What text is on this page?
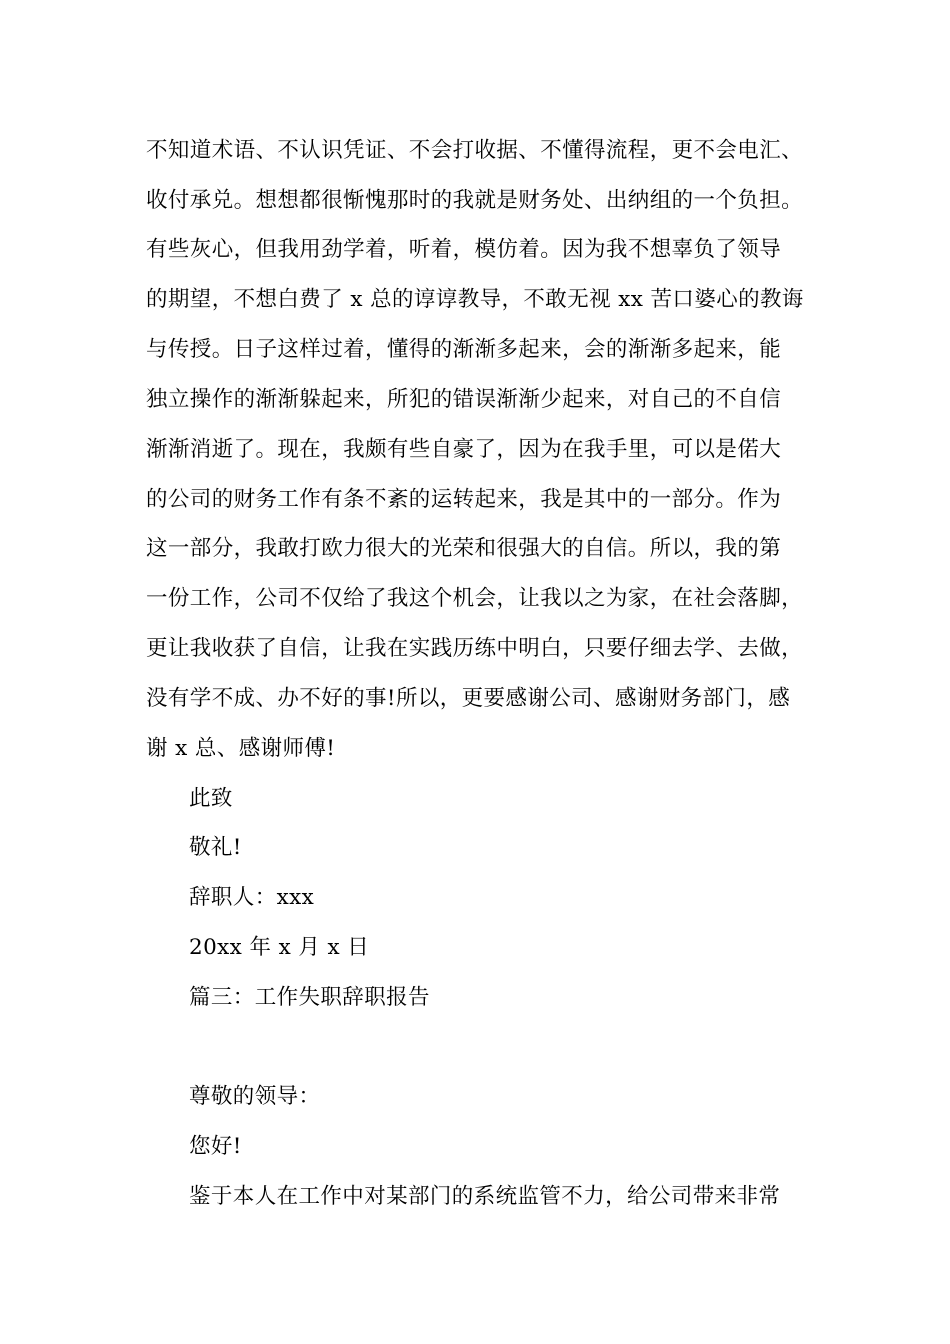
不知道术语、不认识凭证、不会打收据、不懂得流程，更不会电汇、
收付承兑。想想都很惭愧那时的我就是财务处、出纳组的一个负担。
有些灰心，但我用劲学着，听着，模仿着。因为我不想辜负了领导
的期望，不想白费了 x 总的谆谆教导，不敢无视 xx 苦口婆心的教诲
与传授。日子这样过着，懂得的渐渐多起来，会的渐渐多起来，能
独立操作的渐渐躲起来，所犯的错误渐渐少起来，对自己的不自信
渐渐消逝了。现在，我颇有些自豪了，因为在我手里，可以是偌大
的公司的财务工作有条不紊的运转起来，我是其中的一部分。作为
这一部分，我敢打欧力很大的光荣和很强大的自信。所以，我的第
一份工作，公司不仅给了我这个机会，让我以之为家，在社会落脚，
更让我收获了自信，让我在实践历练中明白，只要仔细去学、去做，
没有学不成、办不好的事!所以，更要感谢公司、感谢财务部门，感
谢 x 总、感谢师傅!
此致
敬礼!
辞职人：xxx
20xx 年 x 月 x 日
篇三：工作失职辞职报告
尊敬的领导：
您好!
鉴于本人在工作中对某部门的系统监管不力，给公司带来非常
